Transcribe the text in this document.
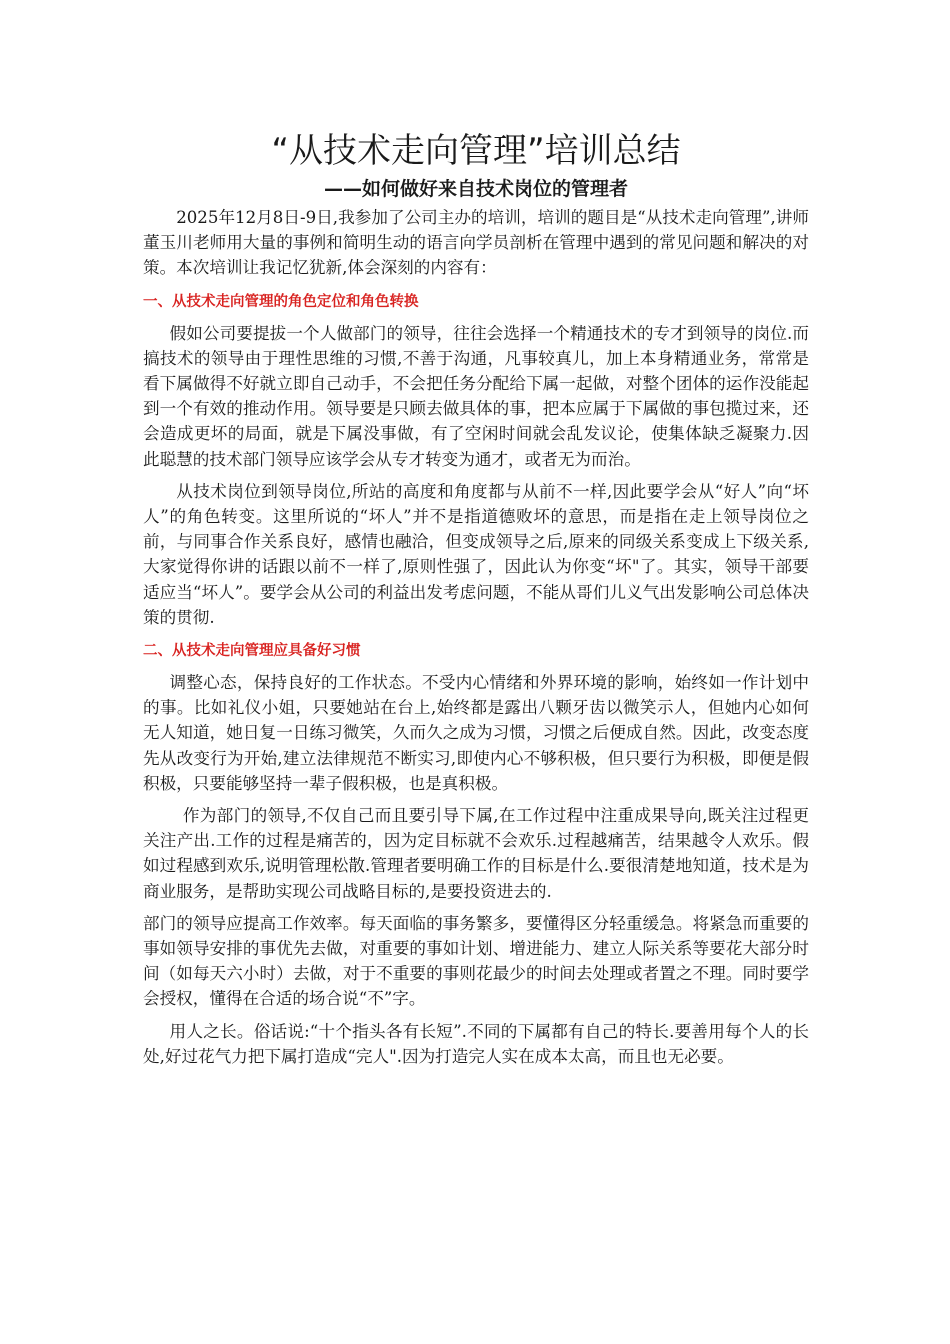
“从技术走向管理”培训总结
——如何做好来自技术岗位的管理者

2025年12月8日-9日,我参加了公司主办的培训，培训的题目是“从技术走向管理”,讲师董玉川老师用大量的事例和简明生动的语言向学员剖析在管理中遇到的常见问题和解决的对策。本次培训让我记忆犹新,体会深刻的内容有：

一、从技术走向管理的角色定位和角色转换

假如公司要提拔一个人做部门的领导，往往会选择一个精通技术的专才到领导的岗位.而搞技术的领导由于理性思维的习惯,不善于沟通，凡事较真儿，加上本身精通业务，常常是看下属做得不好就立即自己动手，不会把任务分配给下属一起做，对整个团体的运作没能起到一个有效的推动作用。领导要是只顾去做具体的事，把本应属于下属做的事包揽过来，还会造成更坏的局面，就是下属没事做，有了空闲时间就会乱发议论，使集体缺乏凝聚力.因此聪慧的技术部门领导应该学会从专才转变为通才，或者无为而治。

从技术岗位到领导岗位,所站的高度和角度都与从前不一样,因此要学会从“好人”向“坏人”的角色转变。这里所说的“坏人”并不是指道德败坏的意思，而是指在走上领导岗位之前，与同事合作关系良好，感情也融洽，但变成领导之后,原来的同级关系变成上下级关系,大家觉得你讲的话跟以前不一样了,原则性强了，因此认为你变“坏"了。其实，领导干部要适应当“坏人”。要学会从公司的利益出发考虑问题，不能从哥们儿义气出发影响公司总体决策的贯彻.

二、从技术走向管理应具备好习惯

调整心态，保持良好的工作状态。不受内心情绪和外界环境的影响，始终如一作计划中的事。比如礼仪小姐，只要她站在台上,始终都是露出八颗牙齿以微笑示人，但她内心如何无人知道，她日复一日练习微笑，久而久之成为习惯，习惯之后便成自然。因此，改变态度先从改变行为开始,建立法律规范不断实习,即使内心不够积极，但只要行为积极，即便是假积极，只要能够坚持一辈子假积极，也是真积极。

作为部门的领导,不仅自己而且要引导下属,在工作过程中注重成果导向,既关注过程更关注产出.工作的过程是痛苦的，因为定目标就不会欢乐.过程越痛苦，结果越令人欢乐。假如过程感到欢乐,说明管理松散.管理者要明确工作的目标是什么.要很清楚地知道，技术是为商业服务，是帮助实现公司战略目标的,是要投资进去的.

部门的领导应提高工作效率。每天面临的事务繁多，要懂得区分轻重缓急。将紧急而重要的事如领导安排的事优先去做，对重要的事如计划、增进能力、建立人际关系等要花大部分时间（如每天六小时）去做，对于不重要的事则花最少的时间去处理或者置之不理。同时要学会授权，懂得在合适的场合说“不”字。

用人之长。俗话说:“十个指头各有长短”.不同的下属都有自己的特长.要善用每个人的长处,好过花气力把下属打造成“完人".因为打造完人实在成本太高，而且也无必要。
